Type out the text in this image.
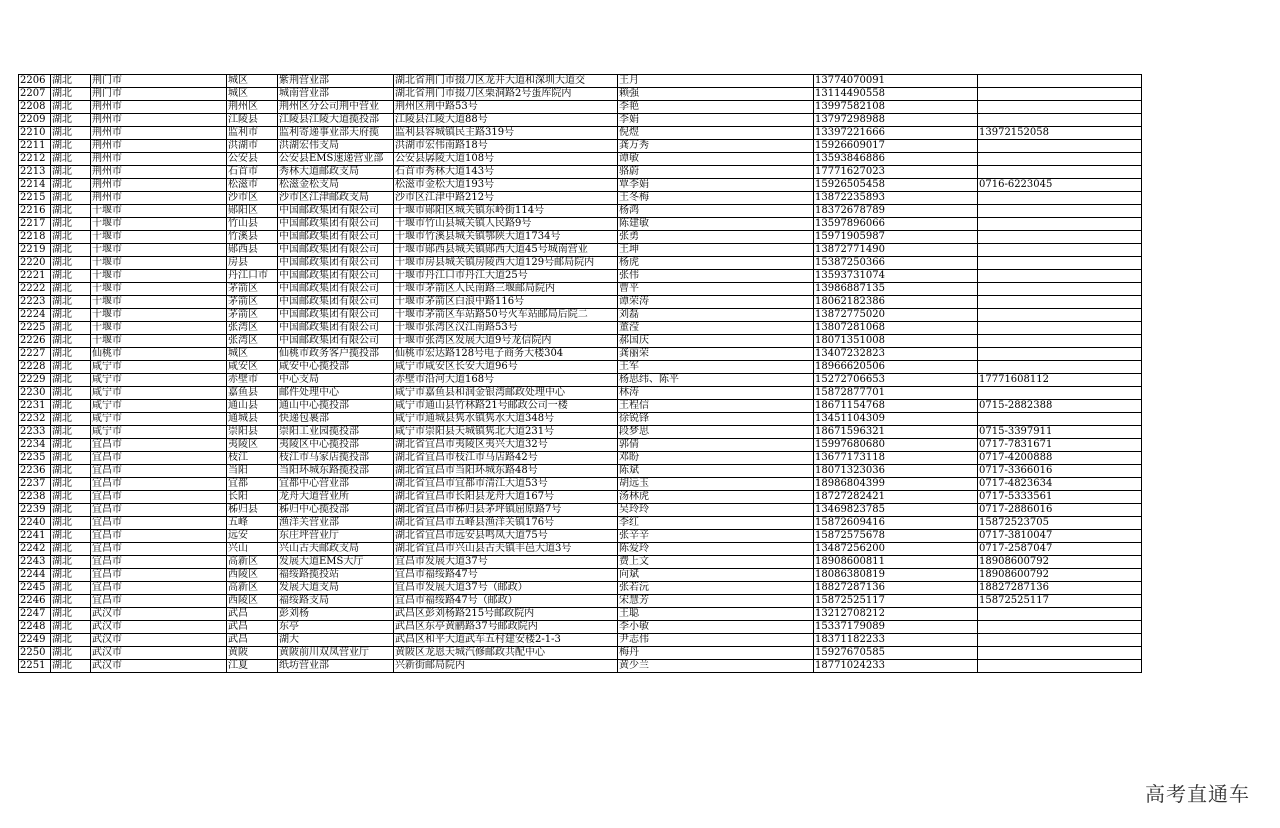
2206	湖北	荆门市	城区	紫荆营业部	湖北省荆门市掇刀区龙井大道和深圳大道交	王月	13774070091	
2207	湖北	荆门市	城区	城南营业部	湖北省荆门市掇刀区栗洞路2号蛋库院内	赖强	13114490558	
2208	湖北	荆州市	荆州区	荆州区分公司荆中营业	荆州区荆中路53号	李艳	13997582108	
2209	湖北	荆州市	江陵县	江陵县江陵大道揽投部	江陵县江陵大道88号	李娟	13797298988	
2210	湖北	荆州市	监利市	监利寄递事业部天府揽	监利县容城镇民主路319号	倪煜	13397221666	13972152058
2211	湖北	荆州市	洪湖市	洪湖宏伟支局	洪湖市宏伟南路18号	龚万秀	15926609017	
2212	湖北	荆州市	公安县	公安县EMS速递营业部	公安县孱陵大道108号	谭敏	13593846886	
2213	湖北	荆州市	石首市	秀林大道邮政支局	石首市秀林大道143号	骆蔚	17771627023	
2214	湖北	荆州市	松滋市	松滋金松支局	松滋市金松大道193号	覃李娟	15926505458	0716-6223045
2215	湖北	荆州市	沙市区	沙市区江津邮政支局	沙市区江津中路212号	王冬梅	13872235893	
2216	湖北	十堰市	郧阳区	中国邮政集团有限公司	十堰市郧阳区城关镇东岭街114号	杨鸿	18372678789	
2217	湖北	十堰市	竹山县	中国邮政集团有限公司	十堰市竹山县城关镇人民路9号	陈建敏	13597896066	
2218	湖北	十堰市	竹溪县	中国邮政集团有限公司	十堰市竹溪县城关镇鄂陕大道1734号	张勇	15971905987	
2219	湖北	十堰市	郧西县	中国邮政集团有限公司	十堰市郧西县城关镇郧西大道45号城南营业	王坤	13872771490	
2220	湖北	十堰市	房县	中国邮政集团有限公司	十堰市房县城关镇房陵西大道129号邮局院内	杨虎	15387250366	
2221	湖北	十堰市	丹江口市	中国邮政集团有限公司	十堰市丹江口市丹江大道25号	张伟	13593731074	
2222	湖北	十堰市	茅箭区	中国邮政集团有限公司	十堰市茅箭区人民南路三堰邮局院内	曹平	13986887135	
2223	湖北	十堰市	茅箭区	中国邮政集团有限公司	十堰市茅箭区白浪中路116号	谭荣涛	18062182386	
2224	湖北	十堰市	茅箭区	中国邮政集团有限公司	十堰市茅箭区车站路50号火车站邮局后院二	刘磊	13872775020	
2225	湖北	十堰市	张湾区	中国邮政集团有限公司	十堰市张湾区汉江南路53号	董滢	13807281068	
2226	湖北	十堰市	张湾区	中国邮政集团有限公司	十堰市张湾区发展大道9号龙信院内	郝国庆	18071351008	
2227	湖北	仙桃市	城区	仙桃市政务客户揽投部	仙桃市宏达路128号电子商务大楼304	龚丽荣	13407232823	
2228	湖北	咸宁市	咸安区	咸安中心揽投部	咸宁市咸安区长安大道96号	王军	18966620506	
2229	湖北	咸宁市	赤壁市	中心支局	赤壁市沿河大道168号	杨思纬、陈平	15272706653	17771608112
2230	湖北	咸宁市	嘉鱼县	邮件处理中心	咸宁市嘉鱼县和润金银湾邮政处理中心	林涛	15872877701	
2231	湖北	咸宁市	通山县	通山中心揽投部	咸宁市通山县竹林路21号邮政公司一楼	王程信	18671154768	0715-2882388
2232	湖北	咸宁市	通城县	快递包裹部	咸宁市通城县隽水镇隽水大道348号	徐锐锋	13451104309	
2233	湖北	咸宁市	崇阳县	崇阳工业园揽投部	咸宁市崇阳县天城镇隽北大道231号	段梦思	18671596321	0715-3397911
2234	湖北	宜昌市	夷陵区	夷陵区中心揽投部	湖北省宜昌市夷陵区夷兴大道32号	郭倩	15997680680	0717-7831671
2235	湖北	宜昌市	枝江	枝江市马家店揽投部	湖北省宜昌市枝江市马店路42号	邓盼	13677173118	0717-4200888
2236	湖北	宜昌市	当阳	当阳环城东路揽投部	湖北省宜昌市当阳环城东路48号	陈斌	18071323036	0717-3366016
2237	湖北	宜昌市	宜都	宜都中心营业部	湖北省宜昌市宜都市清江大道53号	胡远玉	18986804399	0717-4823634
2238	湖北	宜昌市	长阳	龙舟大道营业所	湖北省宜昌市长阳县龙舟大道167号	汤林虎	18727282421	0717-5333561
2239	湖北	宜昌市	秭归县	秭归中心揽投部	湖北省宜昌市秭归县茅坪镇屈原路7号	吴玲玲	13469823785	0717-2886016
2240	湖北	宜昌市	五峰	渔洋关营业部	湖北省宜昌市五峰县渔洋关镇176号	李红	15872609416	15872523705
2241	湖北	宜昌市	远安	东庄坪营业厅	湖北省宜昌市远安县鸣凤大道75号	张辛辛	15872575678	0717-3810047
2242	湖北	宜昌市	兴山	兴山古夫邮政支局	湖北省宜昌市兴山县古夫镇丰邑大道3号	陈爱玲	13487256200	0717-2587047
2243	湖北	宜昌市	高新区	发展大道EMS大厅	宜昌市发展大道37号	费上文	18908600811	18908600792
2244	湖北	宜昌市	西陵区	福绥路揽投站	宜昌市福绥路47号	向斌	18086380819	18908600792
2245	湖北	宜昌市	高新区	发展大道支局	宜昌市发展大道37号（邮政）	张若沅	18827287136	18827287136
2246	湖北	宜昌市	西陵区	福绥路支局	宜昌市福绥路47号（邮政）	宋慧芳	15872525117	15872525117
2247	湖北	武汉市	武昌	彭刘杨	武昌区彭刘杨路215号邮政院内	王聪	13212708212	
2248	湖北	武汉市	武昌	东亭	武昌区东亭黄鹂路37号邮政院内	李小敏	15337179089	
2249	湖北	武汉市	武昌	湖大	武昌区和平大道武车五村建安楼2-1-3	尹志伟	18371182233	
2250	湖北	武汉市	黄陂	黄陂前川双凤营业厅	黄陂区龙恩天城汽修邮政共配中心	梅丹	15927670585	
2251	湖北	武汉市	江夏	纸坊营业部	兴新街邮局院内	黄少兰	18771024233	
高考直通车
